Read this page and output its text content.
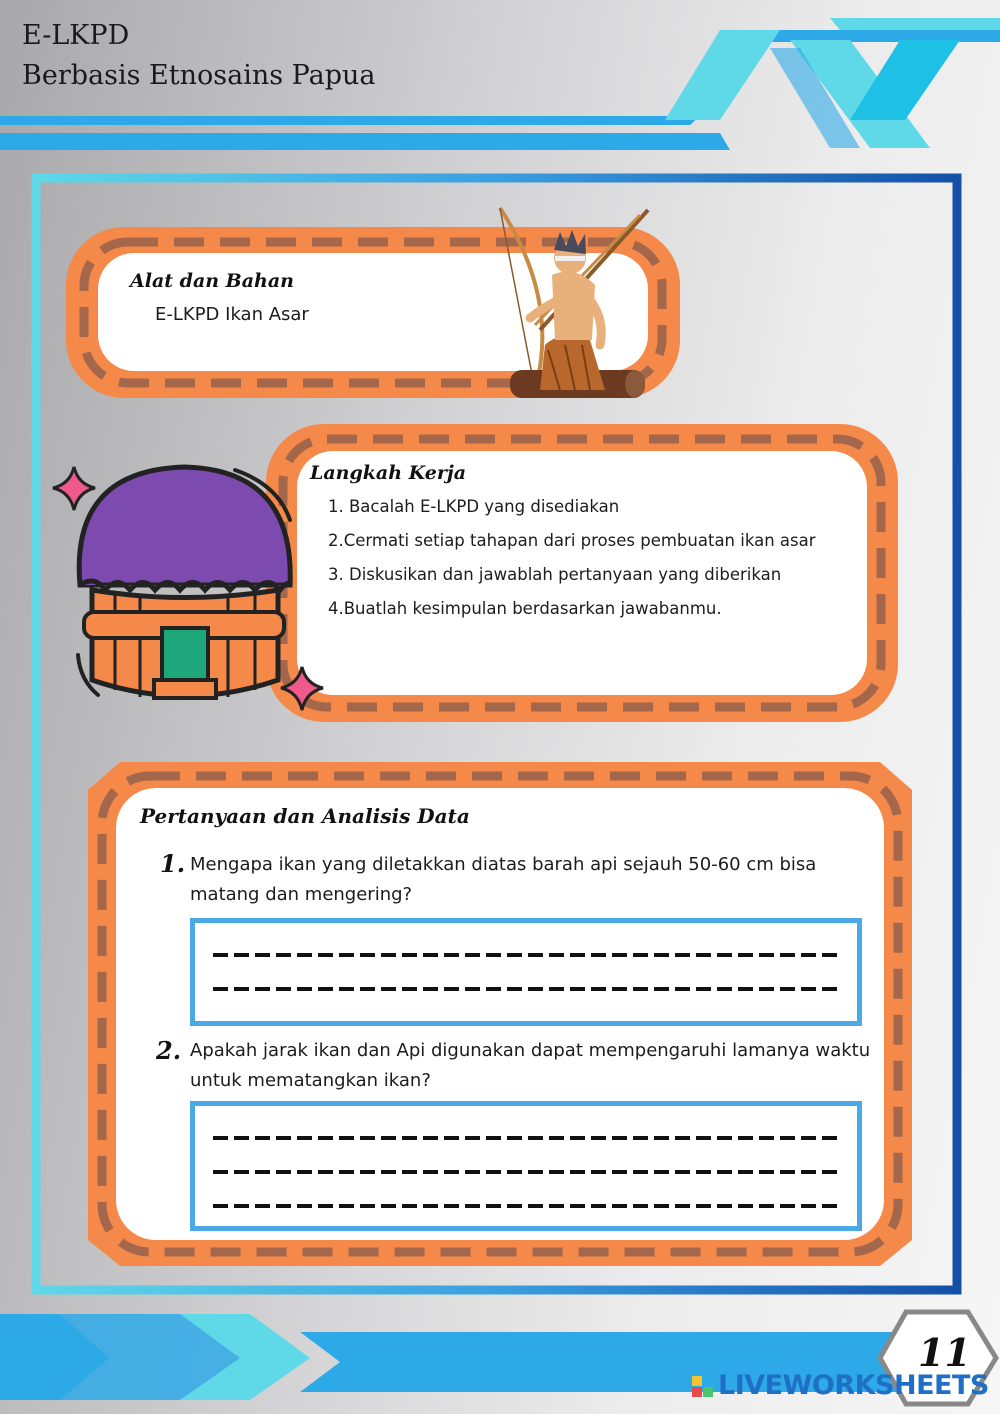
E-LKPD
Berbasis Etnosains Papua
Alat dan Bahan
E-LKPD Ikan Asar
Langkah Kerja
1. Bacalah E-LKPD yang disediakan
2.Cermati setiap tahapan dari proses pembuatan ikan asar
3. Diskusikan dan jawablah pertanyaan yang diberikan
4.Buatlah kesimpulan berdasarkan jawabanmu.
Pertanyaan dan Analisis Data
1. Mengapa ikan yang diletakkan diatas barah api sejauh 50-60 cm bisa matang dan mengering?
2. Apakah jarak ikan dan Api digunakan dapat mempengaruhi lamanya waktu untuk mematangkan ikan?
11
LIVEWORKSHEETS
